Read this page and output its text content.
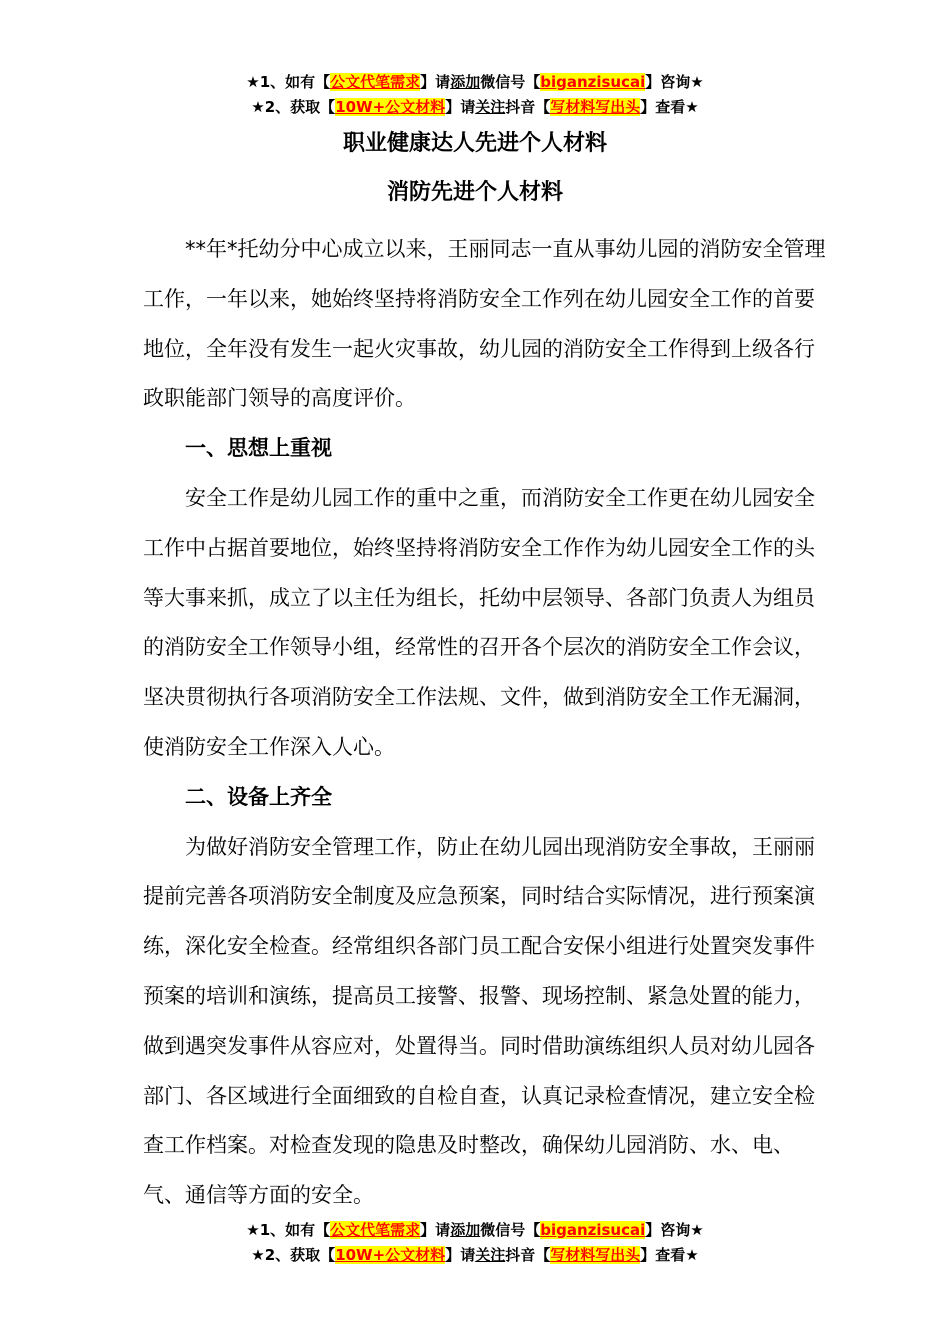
★1、如有【公文代笔需求】请添加微信号【biganzisucai】咨询★
★2、获取【10W+公文材料】请关注抖音【写材料写出头】查看★
职业健康达人先进个人材料
消防先进个人材料

**年*托幼分中心成立以来，王丽同志一直从事幼儿园的消防安全管理工作，一年以来，她始终坚持将消防安全工作列在幼儿园安全工作的首要地位，全年没有发生一起火灾事故，幼儿园的消防安全工作得到上级各行政职能部门领导的高度评价。

一、思想上重视

安全工作是幼儿园工作的重中之重，而消防安全工作更在幼儿园安全工作中占据首要地位，始终坚持将消防安全工作作为幼儿园安全工作的头等大事来抓，成立了以主任为组长，托幼中层领导、各部门负责人为组员的消防安全工作领导小组，经常性的召开各个层次的消防安全工作会议，坚决贯彻执行各项消防安全工作法规、文件，做到消防安全工作无漏洞，使消防安全工作深入人心。

二、设备上齐全

为做好消防安全管理工作，防止在幼儿园出现消防安全事故，王丽丽提前完善各项消防安全制度及应急预案，同时结合实际情况，进行预案演练，深化安全检查。经常组织各部门员工配合安保小组进行处置突发事件预案的培训和演练，提高员工接警、报警、现场控制、紧急处置的能力，做到遇突发事件从容应对，处置得当。同时借助演练组织人员对幼儿园各部门、各区域进行全面细致的自检自查，认真记录检查情况，建立安全检查工作档案。对检查发现的隐患及时整改，确保幼儿园消防、水、电、气、通信等方面的安全。

★1、如有【公文代笔需求】请添加微信号【biganzisucai】咨询★
★2、获取【10W+公文材料】请关注抖音【写材料写出头】查看★
